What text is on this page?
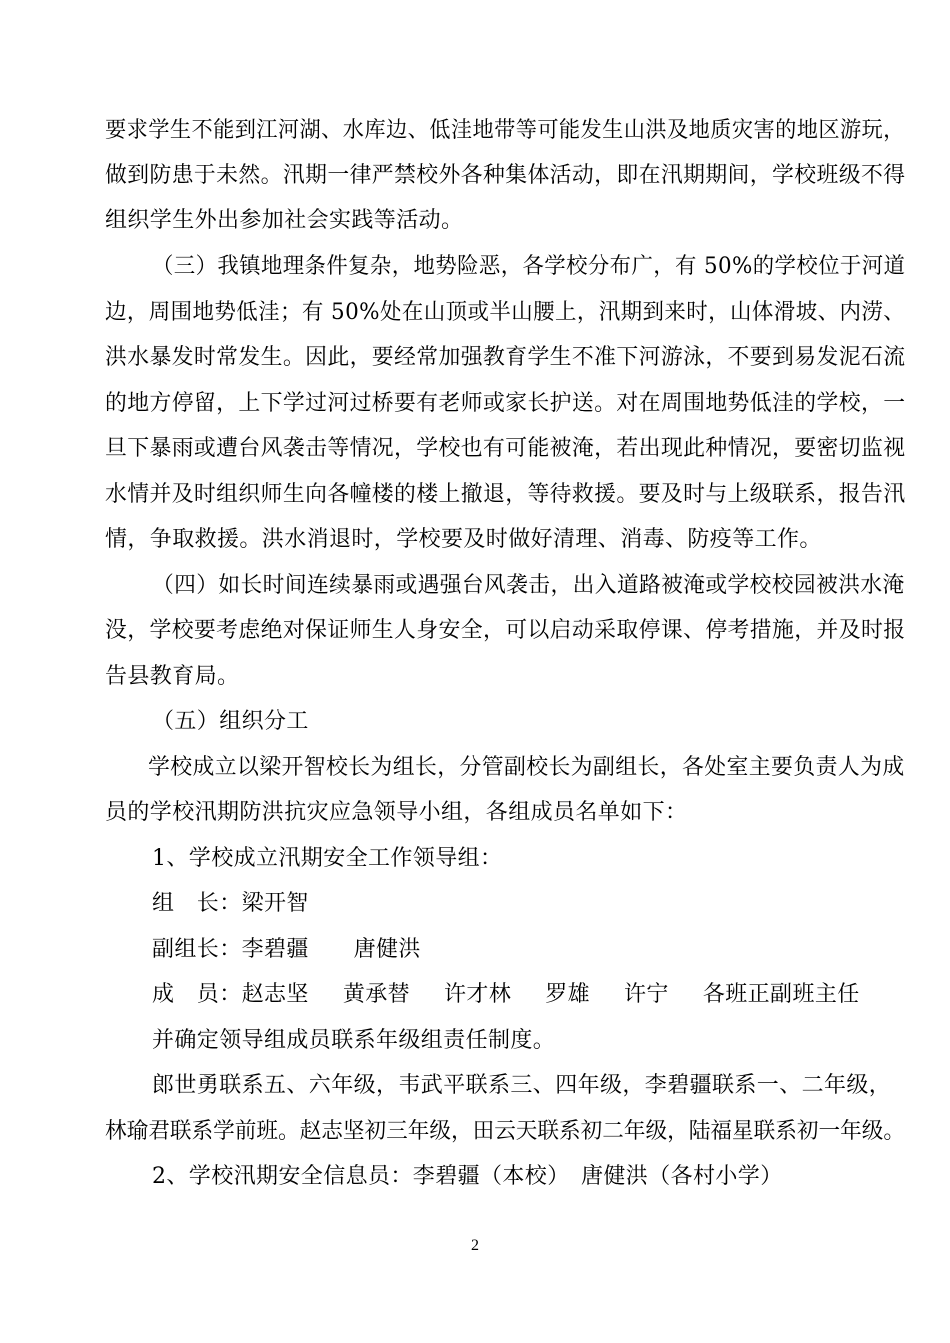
要求学生不能到江河湖、水库边、低洼地带等可能发生山洪及地质灾害的地区游玩，
做到防患于未然。汛期一律严禁校外各种集体活动，即在汛期期间，学校班级不得
组织学生外出参加社会实践等活动。
（三）我镇地理条件复杂，地势险恶，各学校分布广，有 50%的学校位于河道
边，周围地势低洼；有 50%处在山顶或半山腰上，汛期到来时，山体滑坡、内涝、
洪水暴发时常发生。因此，要经常加强教育学生不准下河游泳，不要到易发泥石流
的地方停留，上下学过河过桥要有老师或家长护送。对在周围地势低洼的学校，一
旦下暴雨或遭台风袭击等情况，学校也有可能被淹，若出现此种情况，要密切监视
水情并及时组织师生向各幢楼的楼上撤退，等待救援。要及时与上级联系，报告汛
情，争取救援。洪水消退时，学校要及时做好清理、消毒、防疫等工作。
（四）如长时间连续暴雨或遇强台风袭击，出入道路被淹或学校校园被洪水淹
没，学校要考虑绝对保证师生人身安全，可以启动采取停课、停考措施，并及时报
告县教育局。
（五）组织分工
学校成立以梁开智校长为组长，分管副校长为副组长，各处室主要负责人为成
员的学校汛期防洪抗灾应急领导小组，各组成员名单如下：
1、学校成立汛期安全工作领导组：
组　长：梁开智
副组长：李碧疆　　唐健洪
成　员：赵志坚 黄承替 许才林 罗雄 许宁 各班正副班主任
并确定领导组成员联系年级组责任制度。
郎世勇联系五、六年级，韦武平联系三、四年级，李碧疆联系一、二年级，
林瑜君联系学前班。赵志坚初三年级，田云天联系初二年级，陆福星联系初一年级。
2、学校汛期安全信息员：李碧疆（本校）　唐健洪（各村小学）
2
